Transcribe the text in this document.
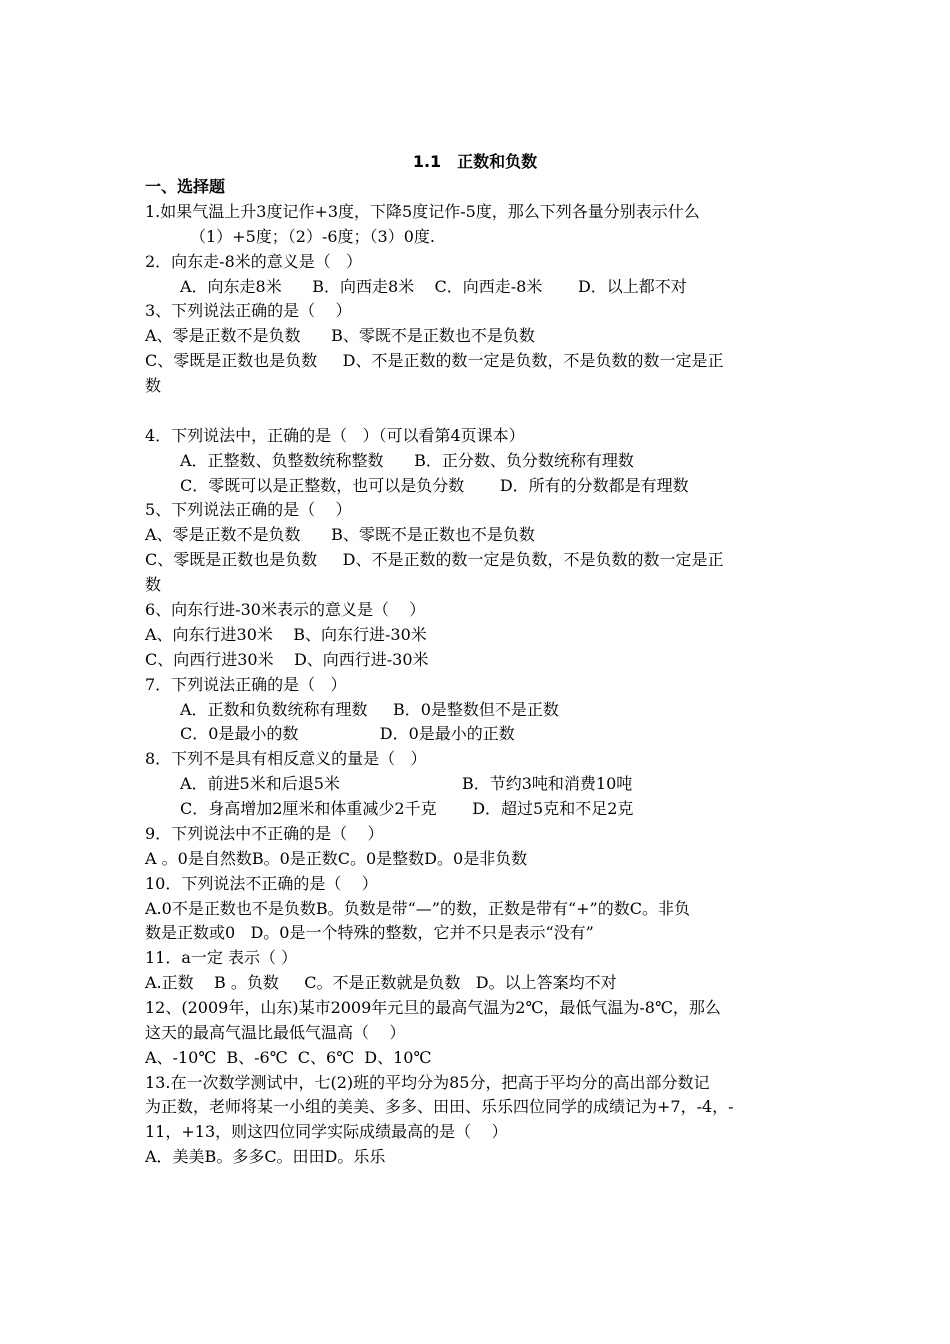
1.1　正数和负数
一、选择题
1.如果气温上升3度记作+3度，下降5度记作-5度，那么下列各量分别表示什么
（1）+5度；（2）-6度；（3）0度.
2．向东走-8米的意义是（   ）
A．向东走8米      B．向西走8米    C．向西走-8米       D．以上都不对
3、下列说法正确的是（    ）
A、零是正数不是负数      B、零既不是正数也不是负数
C、零既是正数也是负数     D、不是正数的数一定是负数，不是负数的数一定是正
数
4．下列说法中，正确的是（   ）（可以看第4页课本）
A．正整数、负整数统称整数      B．正分数、负分数统称有理数
C．零既可以是正整数，也可以是负分数       D．所有的分数都是有理数
5、下列说法正确的是（    ）
A、零是正数不是负数      B、零既不是正数也不是负数
C、零既是正数也是负数     D、不是正数的数一定是负数，不是负数的数一定是正
数
6、向东行进-30米表示的意义是（    ）
A、向东行进30米    B、向东行进-30米
C、向西行进30米    D、向西行进-30米
7．下列说法正确的是（   ）
A．正数和负数统称有理数     B．0是整数但不是正数
C．0是最小的数                D．0是最小的正数
8．下列不是具有相反意义的量是（   ）
A．前进5米和后退5米                        B．节约3吨和消费10吨
C．身高增加2厘米和体重减少2千克       D．超过5克和不足2克
9．下列说法中不正确的是（    ）
A 。0是自然数B。0是正数C。0是整数D。0是非负数
10．下列说法不正确的是（    ）
A.0不是正数也不是负数B。负数是带“—”的数，正数是带有“+”的数C。非负
数是正数或0   D。0是一个特殊的整数，它并不只是表示“没有”
11．a一定 表示（ ）
A.正数    B 。负数     C。不是正数就是负数   D。以上答案均不对
12、(2009年，山东)某市2009年元旦的最高气温为2℃，最低气温为-8℃，那么
这天的最高气温比最低气温高（    ）
A、-10℃  B、-6℃  C、6℃  D、10℃
13.在一次数学测试中，七(2)班的平均分为85分，把高于平均分的高出部分数记
为正数，老师将某一小组的美美、多多、田田、乐乐四位同学的成绩记为+7，-4，-
11，+13，则这四位同学实际成绩最高的是（    ）
A．美美B。多多C。田田D。乐乐
